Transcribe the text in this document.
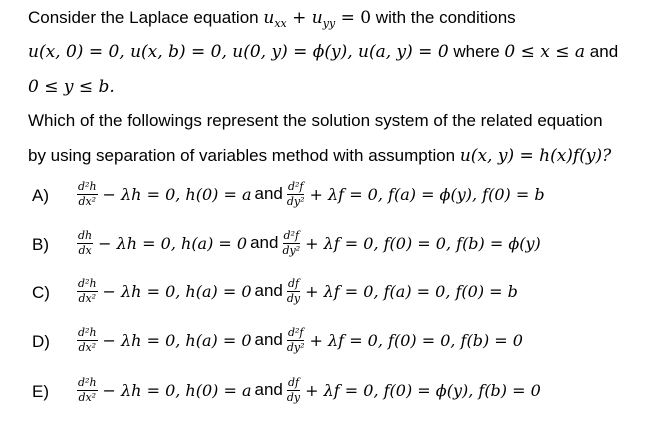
Consider the Laplace equation $u_{xx} + u_{yy} = 0$ with the conditions
u(x, 0) = 0, u(x, b) = 0, u(0, y) = ϕ(y), u(a, y) = 0 where 0 ≤ x ≤ a and
0 ≤ y ≤ b.
Which of the followings represent the solution system of the related equation
by using separation of variables method with assumption u(x, y) = h(x)f(y)?
A)	$\frac{\text{d²h}}{\text{dx²}} - \lambda h = 0$, h(0) = a and $\frac{\text{d²f}}{\text{dy²}} + \lambda f = 0$, f(a) = ϕ(y), f(0) = b
B)	$\frac{dh}{dx} - \lambda h = 0$, h(a) = 0 and $\frac{\text{d²f}}{\text{dy²}} + \lambda f = 0$, f(0) = 0, f(b) = ϕ(y)
$C) \frac{\text{d²h}}{\text{dx²}} - \lambda h = 0$, h(a) = 0 and $\frac{df}{dy} + \lambda f = 0$, f(a) = 0, f(0) = b
$D) \frac{\text{d²h}}{\text{dx²}} - \lambda h = 0$, h(a) = 0 and $\frac{\text{d²f}}{\text{dy²}} + \lambda f = 0$, f(0) = 0, f(b) = 0
E)	$\frac{\text{d²h}}{\text{dx²}} - \lambda h = 0$, h(0) = a and $\frac{df}{dy} + \lambda f = 0$, f(0) = ϕ(y), f(b) = 0
